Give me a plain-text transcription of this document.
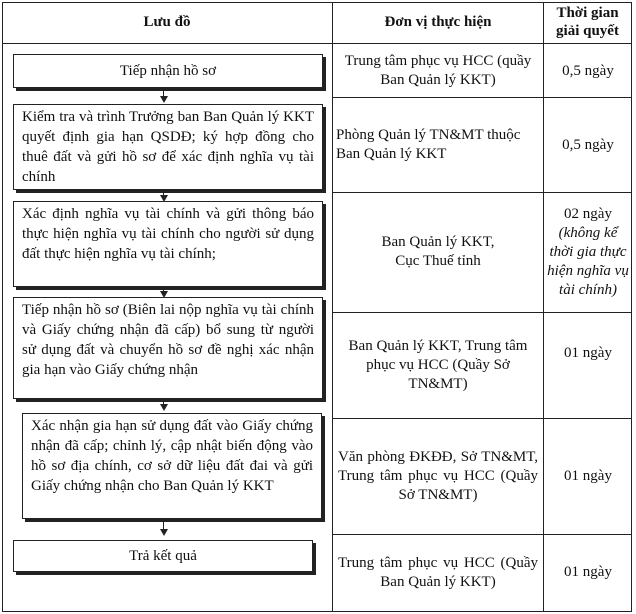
Lưu đồ	Đơn vị thực hiện
Thời gian
giải quyết
Tiếp nhận hồ sơ
Kiểm tra và trình Trưởng ban Ban Quản lý KKT quyết định gia hạn QSDĐ; ký hợp đồng cho thuê đất và gửi hồ sơ để xác định nghĩa vụ tài chính
Xác định nghĩa vụ tài chính và gửi thông báo thực hiện nghĩa vụ tài chính cho người sử dụng đất thực hiện nghĩa vụ tài chính;
Tiếp nhận hồ sơ (Biên lai nộp nghĩa vụ tài chính và Giấy chứng nhận đã cấp) bổ sung từ người sử dụng đất và chuyển hồ sơ đề nghị xác nhận gia hạn vào Giấy chứng nhận
Xác nhận gia hạn sử dụng đất vào Giấy chứng nhận đã cấp; chỉnh lý, cập nhật biến động vào hồ sơ địa chính, cơ sở dữ liệu đất đai và gửi Giấy chứng nhận cho Ban Quản lý KKT
Trả kết quả
Trung tâm phục vụ HCC (quầy Ban Quản lý KKT)
Phòng Quản lý TN&MT thuộc Ban Quản lý KKT
Ban Quản lý KKT,
Cục Thuế tỉnh
Ban Quản lý KKT, Trung tâm phục vụ HCC (Quầy Sở TN&MT)
Văn phòng ĐKĐĐ, Sở TN&MT, Trung tâm phục vụ HCC (Quầy Sở TN&MT)
Trung tâm phục vụ HCC (Quầy Ban Quản lý KKT)
0,5 ngày
0,5 ngày
02 ngày
(không kể thời gia thực hiện nghĩa vụ tài chính)
01 ngày
01 ngày
01 ngày
